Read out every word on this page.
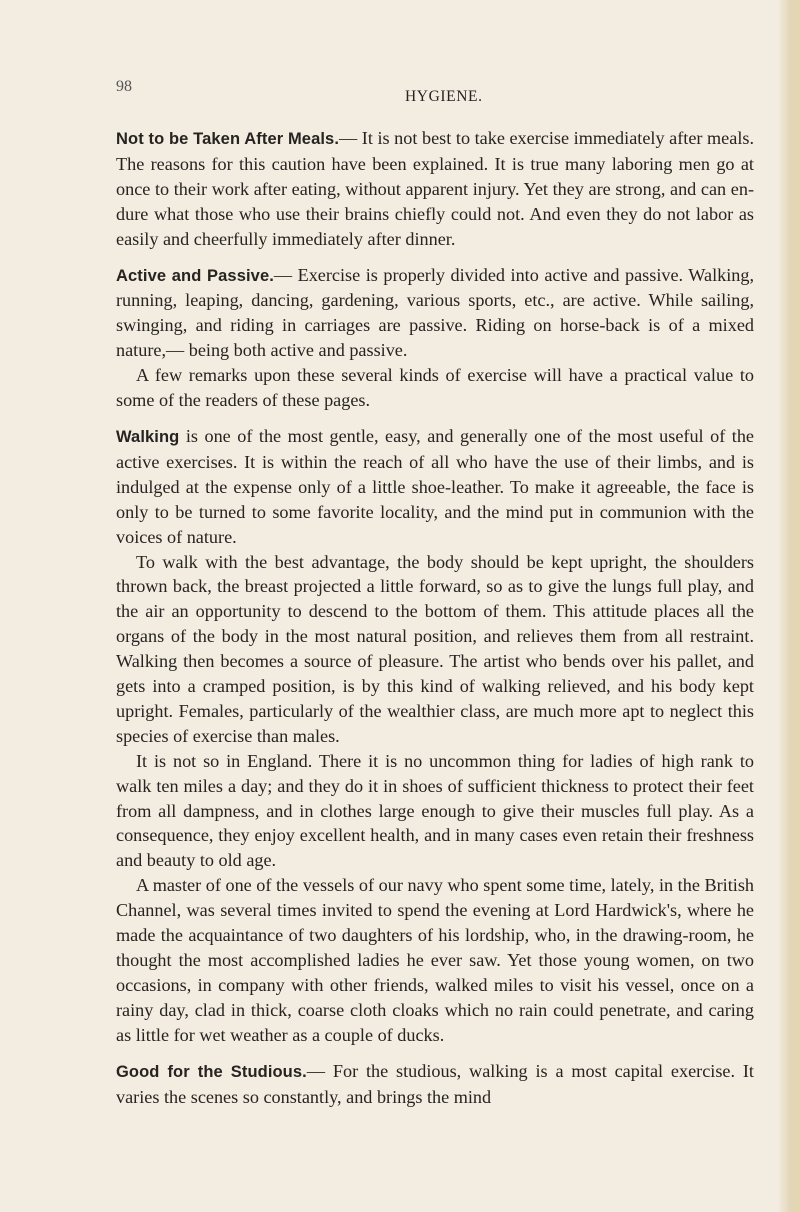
98
HYGIENE.

Not to be Taken After Meals.— It is not best to take exercise immediately after meals. The reasons for this caution have been explained. It is true many laboring men go at once to their work after eating, without apparent injury. Yet they are strong, and can endure what those who use their brains chiefly could not. And even they do not labor as easily and cheerfully immediately after dinner.

Active and Passive.— Exercise is properly divided into active and passive. Walking, running, leaping, dancing, gardening, various sports, etc., are active. While sailing, swinging, and riding in carriages are passive. Riding on horse-back is of a mixed nature,— being both active and passive.

A few remarks upon these several kinds of exercise will have a practical value to some of the readers of these pages.

Walking is one of the most gentle, easy, and generally one of the most useful of the active exercises. It is within the reach of all who have the use of their limbs, and is indulged at the expense only of a little shoe-leather. To make it agreeable, the face is only to be turned to some favorite locality, and the mind put in communion with the voices of nature.

To walk with the best advantage, the body should be kept upright, the shoulders thrown back, the breast projected a little forward, so as to give the lungs full play, and the air an opportunity to descend to the bottom of them. This attitude places all the organs of the body in the most natural position, and relieves them from all restraint. Walking then becomes a source of pleasure. The artist who bends over his pallet, and gets into a cramped position, is by this kind of walking relieved, and his body kept upright. Females, particularly of the wealthier class, are much more apt to neglect this species of exercise than males.

It is not so in England. There it is no uncommon thing for ladies of high rank to walk ten miles a day; and they do it in shoes of sufficient thickness to protect their feet from all dampness, and in clothes large enough to give their muscles full play. As a consequence, they enjoy excellent health, and in many cases even retain their freshness and beauty to old age.

A master of one of the vessels of our navy who spent some time, lately, in the British Channel, was several times invited to spend the evening at Lord Hardwick's, where he made the acquaintance of two daughters of his lordship, who, in the drawing-room, he thought the most accomplished ladies he ever saw. Yet those young women, on two occasions, in company with other friends, walked miles to visit his vessel, once on a rainy day, clad in thick, coarse cloth cloaks which no rain could penetrate, and caring as little for wet weather as a couple of ducks.

Good for the Studious.— For the studious, walking is a most capital exercise. It varies the scenes so constantly, and brings the mind
